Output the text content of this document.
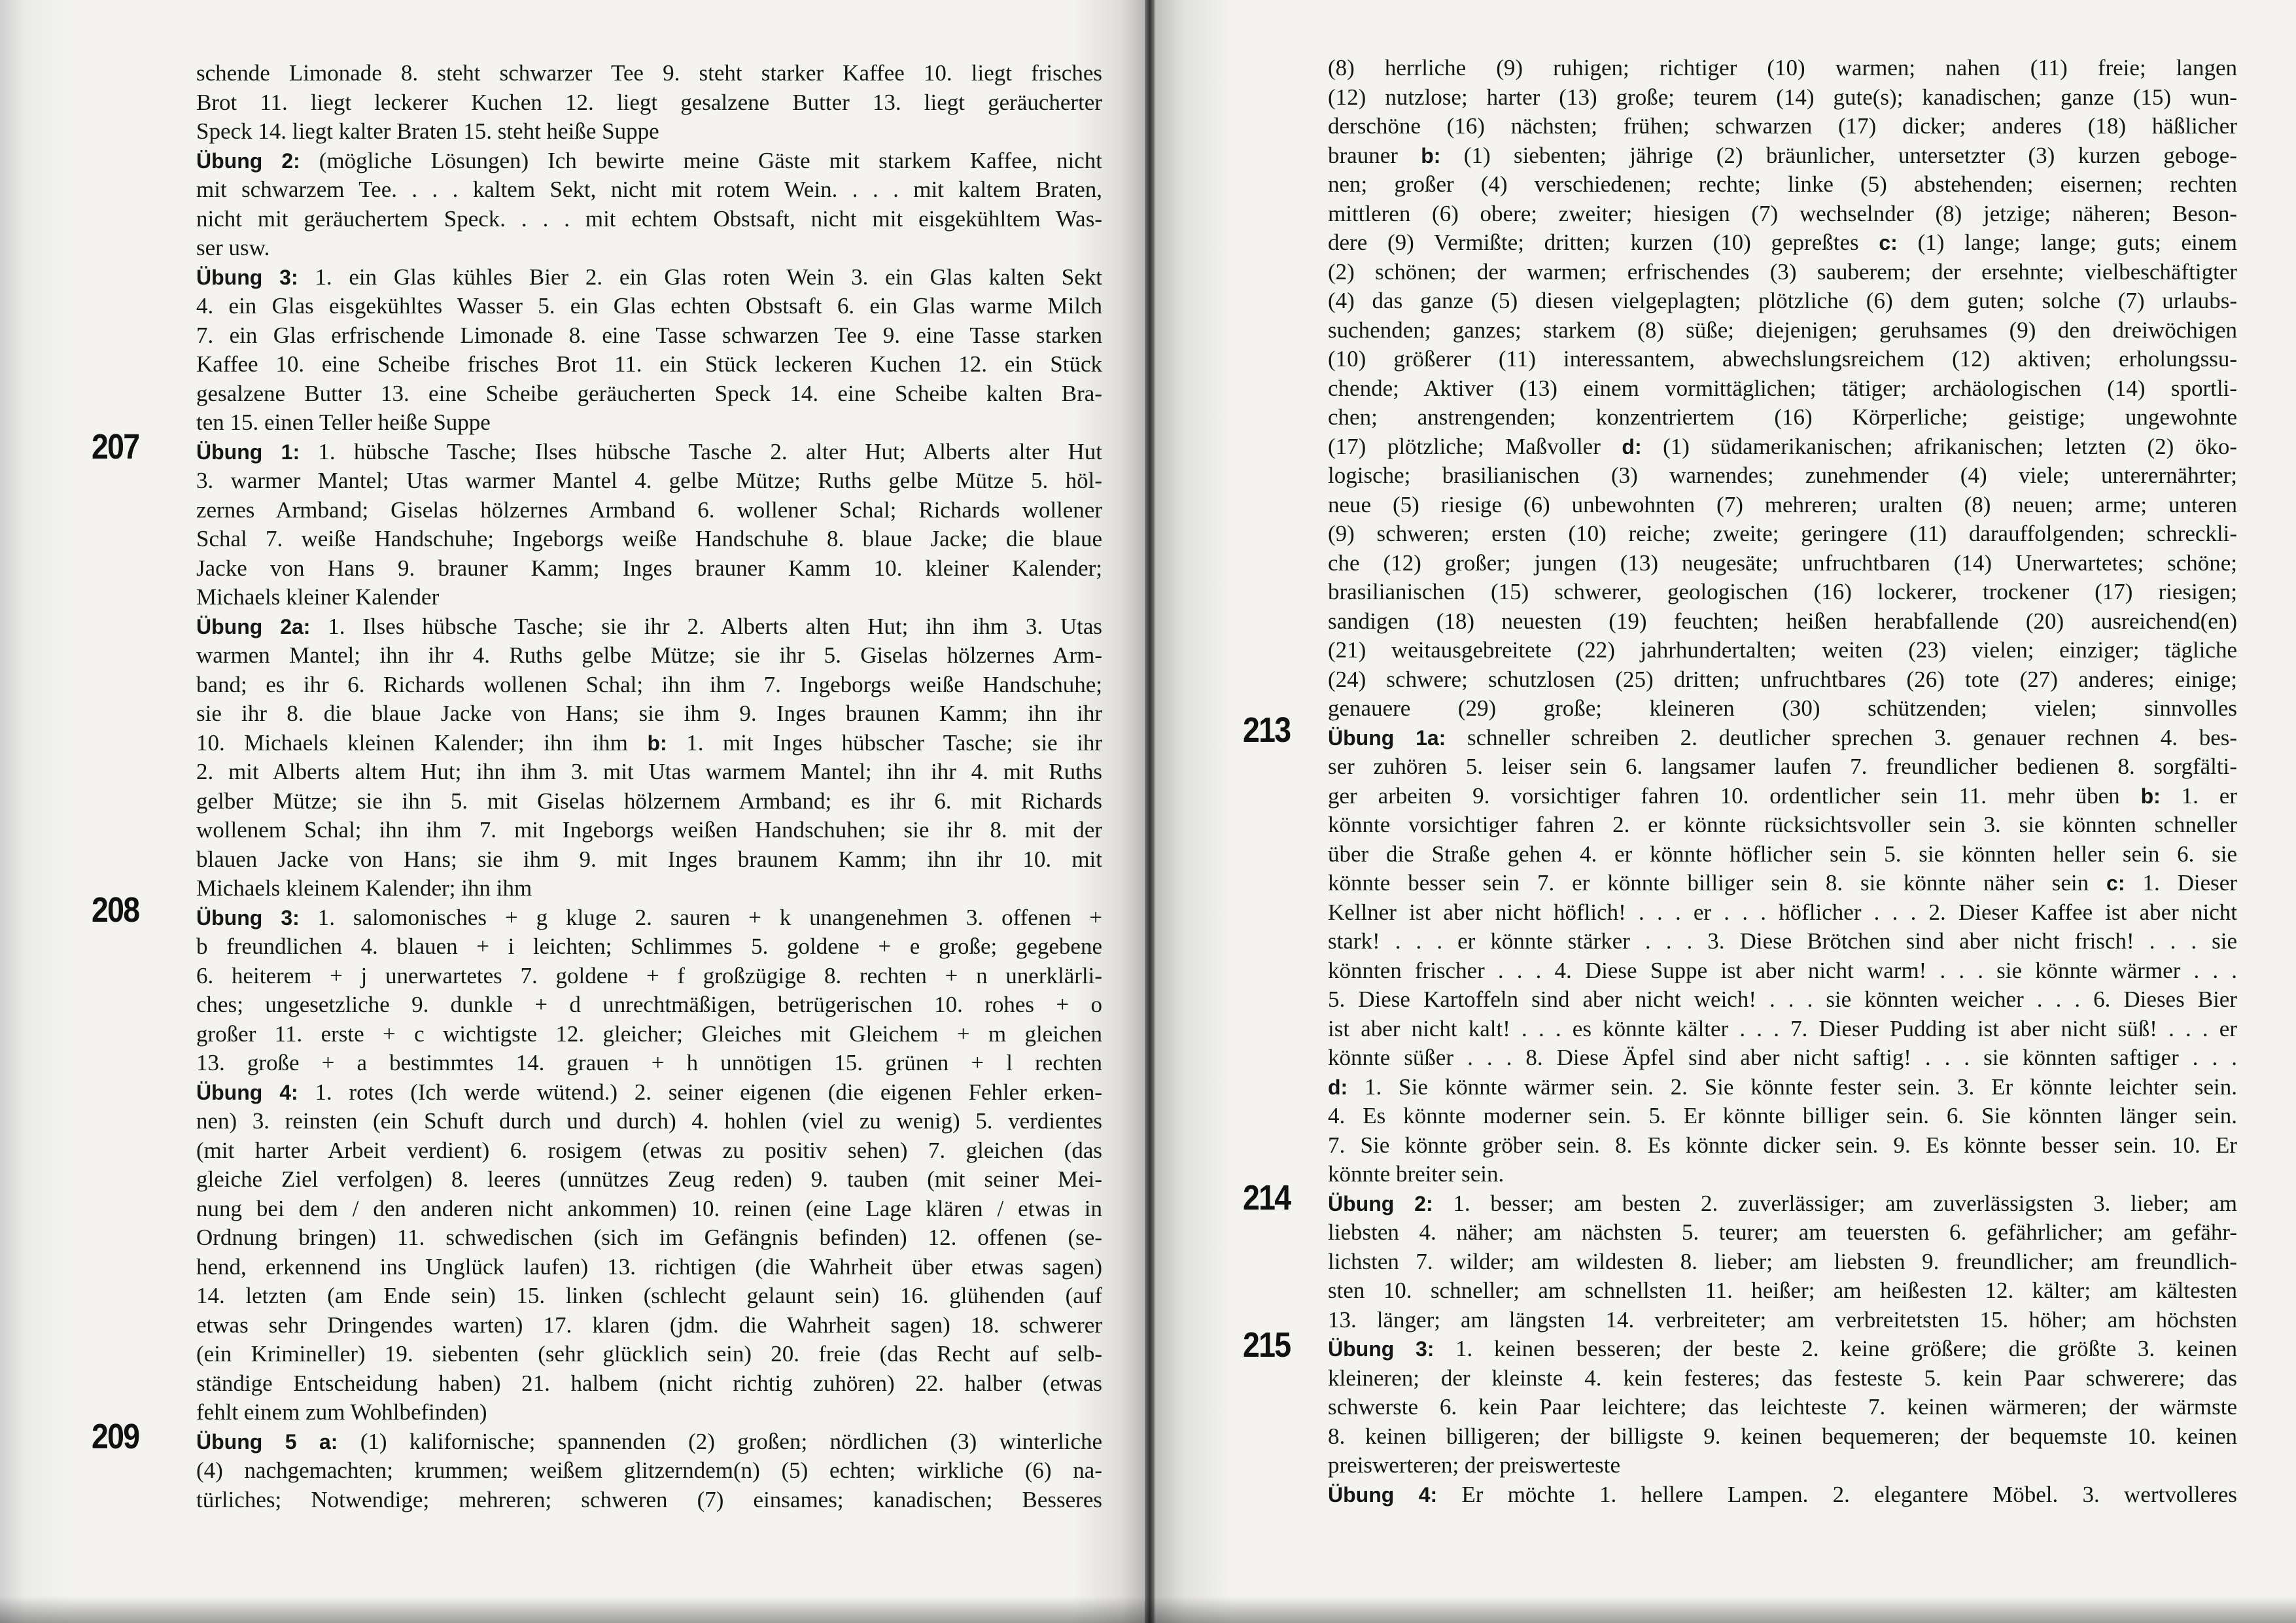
schende Limonade 8. steht schwarzer Tee 9. steht starker Kaffee 10. liegt frisches
Brot 11. liegt leckerer Kuchen 12. liegt gesalzene Butter 13. liegt geräucherter
Speck 14. liegt kalter Braten 15. steht heiße Suppe
Übung 2: (mögliche Lösungen) Ich bewirte meine Gäste mit starkem Kaffee, nicht
mit schwarzem Tee. . . . kaltem Sekt, nicht mit rotem Wein. . . . mit kaltem Braten,
nicht mit geräuchertem Speck. . . . mit echtem Obstsaft, nicht mit eisgekühltem Was-
ser usw.
Übung 3: 1. ein Glas kühles Bier 2. ein Glas roten Wein 3. ein Glas kalten Sekt
4. ein Glas eisgekühltes Wasser 5. ein Glas echten Obstsaft 6. ein Glas warme Milch
7. ein Glas erfrischende Limonade 8. eine Tasse schwarzen Tee 9. eine Tasse starken
Kaffee 10. eine Scheibe frisches Brot 11. ein Stück leckeren Kuchen 12. ein Stück
gesalzene Butter 13. eine Scheibe geräucherten Speck 14. eine Scheibe kalten Bra-
ten 15. einen Teller heiße Suppe
Übung 1: 1. hübsche Tasche; Ilses hübsche Tasche 2. alter Hut; Alberts alter Hut
3. warmer Mantel; Utas warmer Mantel 4. gelbe Mütze; Ruths gelbe Mütze 5. höl-
zernes Armband; Giselas hölzernes Armband 6. wollener Schal; Richards wollener
Schal 7. weiße Handschuhe; Ingeborgs weiße Handschuhe 8. blaue Jacke; die blaue
Jacke von Hans 9. brauner Kamm; Inges brauner Kamm 10. kleiner Kalender;
Michaels kleiner Kalender
Übung 2a: 1. Ilses hübsche Tasche; sie ihr 2. Alberts alten Hut; ihn ihm 3. Utas
warmen Mantel; ihn ihr 4. Ruths gelbe Mütze; sie ihr 5. Giselas hölzernes Arm-
band; es ihr 6. Richards wollenen Schal; ihn ihm 7. Ingeborgs weiße Handschuhe;
sie ihr 8. die blaue Jacke von Hans; sie ihm 9. Inges braunen Kamm; ihn ihr
10. Michaels kleinen Kalender; ihn ihm b: 1. mit Inges hübscher Tasche; sie ihr
2. mit Alberts altem Hut; ihn ihm 3. mit Utas warmem Mantel; ihn ihr 4. mit Ruths
gelber Mütze; sie ihn 5. mit Giselas hölzernem Armband; es ihr 6. mit Richards
wollenem Schal; ihn ihm 7. mit Ingeborgs weißen Handschuhen; sie ihr 8. mit der
blauen Jacke von Hans; sie ihm 9. mit Inges braunem Kamm; ihn ihr 10. mit
Michaels kleinem Kalender; ihn ihm
Übung 3: 1. salomonisches + g kluge 2. sauren + k unangenehmen 3. offenen +
b freundlichen 4. blauen + i leichten; Schlimmes 5. goldene + e große; gegebene
6. heiterem + j unerwartetes 7. goldene + f großzügige 8. rechten + n unerklärli-
ches; ungesetzliche 9. dunkle + d unrechtmäßigen, betrügerischen 10. rohes + o
großer 11. erste + c wichtigste 12. gleicher; Gleiches mit Gleichem + m gleichen
13. große + a bestimmtes 14. grauen + h unnötigen 15. grünen + l rechten
Übung 4: 1. rotes (Ich werde wütend.) 2. seiner eigenen (die eigenen Fehler erken-
nen) 3. reinsten (ein Schuft durch und durch) 4. hohlen (viel zu wenig) 5. verdientes
(mit harter Arbeit verdient) 6. rosigem (etwas zu positiv sehen) 7. gleichen (das
gleiche Ziel verfolgen) 8. leeres (unnützes Zeug reden) 9. tauben (mit seiner Mei-
nung bei dem / den anderen nicht ankommen) 10. reinen (eine Lage klären / etwas in
Ordnung bringen) 11. schwedischen (sich im Gefängnis befinden) 12. offenen (se-
hend, erkennend ins Unglück laufen) 13. richtigen (die Wahrheit über etwas sagen)
14. letzten (am Ende sein) 15. linken (schlecht gelaunt sein) 16. glühenden (auf
etwas sehr Dringendes warten) 17. klaren (jdm. die Wahrheit sagen) 18. schwerer
(ein Krimineller) 19. siebenten (sehr glücklich sein) 20. freie (das Recht auf selb-
ständige Entscheidung haben) 21. halbem (nicht richtig zuhören) 22. halber (etwas
fehlt einem zum Wohlbefinden)
Übung 5 a: (1) kalifornische; spannenden (2) großen; nördlichen (3) winterliche
(4) nachgemachten; krummen; weißem glitzerndem(n) (5) echten; wirkliche (6) na-
türliches; Notwendige; mehreren; schweren (7) einsames; kanadischen; Besseres
207
208
209
(8) herrliche (9) ruhigen; richtiger (10) warmen; nahen (11) freie; langen
(12) nutzlose; harter (13) große; teurem (14) gute(s); kanadischen; ganze (15) wun-
derschöne (16) nächsten; frühen; schwarzen (17) dicker; anderes (18) häßlicher
brauner b: (1) siebenten; jährige (2) bräunlicher, untersetzter (3) kurzen geboge-
nen; großer (4) verschiedenen; rechte; linke (5) abstehenden; eisernen; rechten
mittleren (6) obere; zweiter; hiesigen (7) wechselnder (8) jetzige; näheren; Beson-
dere (9) Vermißte; dritten; kurzen (10) gepreßtes c: (1) lange; lange; guts; einem
(2) schönen; der warmen; erfrischendes (3) sauberem; der ersehnte; vielbeschäftigter
(4) das ganze (5) diesen vielgeplagten; plötzliche (6) dem guten; solche (7) urlaubs-
suchenden; ganzes; starkem (8) süße; diejenigen; geruhsames (9) den dreiwöchigen
(10) größerer (11) interessantem, abwechslungsreichem (12) aktiven; erholungssu-
chende; Aktiver (13) einem vormittäglichen; tätiger; archäologischen (14) sportli-
chen; anstrengenden; konzentriertem (16) Körperliche; geistige; ungewohnte
(17) plötzliche; Maßvoller d: (1) südamerikanischen; afrikanischen; letzten (2) öko-
logische; brasilianischen (3) warnendes; zunehmender (4) viele; unterernährter;
neue (5) riesige (6) unbewohnten (7) mehreren; uralten (8) neuen; arme; unteren
(9) schweren; ersten (10) reiche; zweite; geringere (11) darauffolgenden; schreckli-
che (12) großer; jungen (13) neugesäte; unfruchtbaren (14) Unerwartetes; schöne;
brasilianischen (15) schwerer, geologischen (16) lockerer, trockener (17) riesigen;
sandigen (18) neuesten (19) feuchten; heißen herabfallende (20) ausreichend(en)
(21) weitausgebreitete (22) jahrhundertalten; weiten (23) vielen; einziger; tägliche
(24) schwere; schutzlosen (25) dritten; unfruchtbares (26) tote (27) anderes; einige;
genauere (29) große; kleineren (30) schützenden; vielen; sinnvolles
Übung 1a: schneller schreiben 2. deutlicher sprechen 3. genauer rechnen 4. bes-
ser zuhören 5. leiser sein 6. langsamer laufen 7. freundlicher bedienen 8. sorgfälti-
ger arbeiten 9. vorsichtiger fahren 10. ordentlicher sein 11. mehr üben b: 1. er
könnte vorsichtiger fahren 2. er könnte rücksichtsvoller sein 3. sie könnten schneller
über die Straße gehen 4. er könnte höflicher sein 5. sie könnten heller sein 6. sie
könnte besser sein 7. er könnte billiger sein 8. sie könnte näher sein c: 1. Dieser
Kellner ist aber nicht höflich! . . . er . . . höflicher . . . 2. Dieser Kaffee ist aber nicht
stark! . . . er könnte stärker . . . 3. Diese Brötchen sind aber nicht frisch! . . . sie
könnten frischer . . . 4. Diese Suppe ist aber nicht warm! . . . sie könnte wärmer . . .
5. Diese Kartoffeln sind aber nicht weich! . . . sie könnten weicher . . . 6. Dieses Bier
ist aber nicht kalt! . . . es könnte kälter . . . 7. Dieser Pudding ist aber nicht süß! . . . er
könnte süßer . . . 8. Diese Äpfel sind aber nicht saftig! . . . sie könnten saftiger . . .
d: 1. Sie könnte wärmer sein. 2. Sie könnte fester sein. 3. Er könnte leichter sein.
4. Es könnte moderner sein. 5. Er könnte billiger sein. 6. Sie könnten länger sein.
7. Sie könnte gröber sein. 8. Es könnte dicker sein. 9. Es könnte besser sein. 10. Er
könnte breiter sein.
Übung 2: 1. besser; am besten 2. zuverlässiger; am zuverlässigsten 3. lieber; am
liebsten 4. näher; am nächsten 5. teurer; am teuersten 6. gefährlicher; am gefähr-
lichsten 7. wilder; am wildesten 8. lieber; am liebsten 9. freundlicher; am freundlich-
sten 10. schneller; am schnellsten 11. heißer; am heißesten 12. kälter; am kältesten
13. länger; am längsten 14. verbreiteter; am verbreitetsten 15. höher; am höchsten
Übung 3: 1. keinen besseren; der beste 2. keine größere; die größte 3. keinen
kleineren; der kleinste 4. kein festeres; das festeste 5. kein Paar schwerere; das
schwerste 6. kein Paar leichtere; das leichteste 7. keinen wärmeren; der wärmste
8. keinen billigeren; der billigste 9. keinen bequemeren; der bequemste 10. keinen
preiswerteren; der preiswerteste
Übung 4: Er möchte 1. hellere Lampen. 2. elegantere Möbel. 3. wertvolleres
213
214
215
